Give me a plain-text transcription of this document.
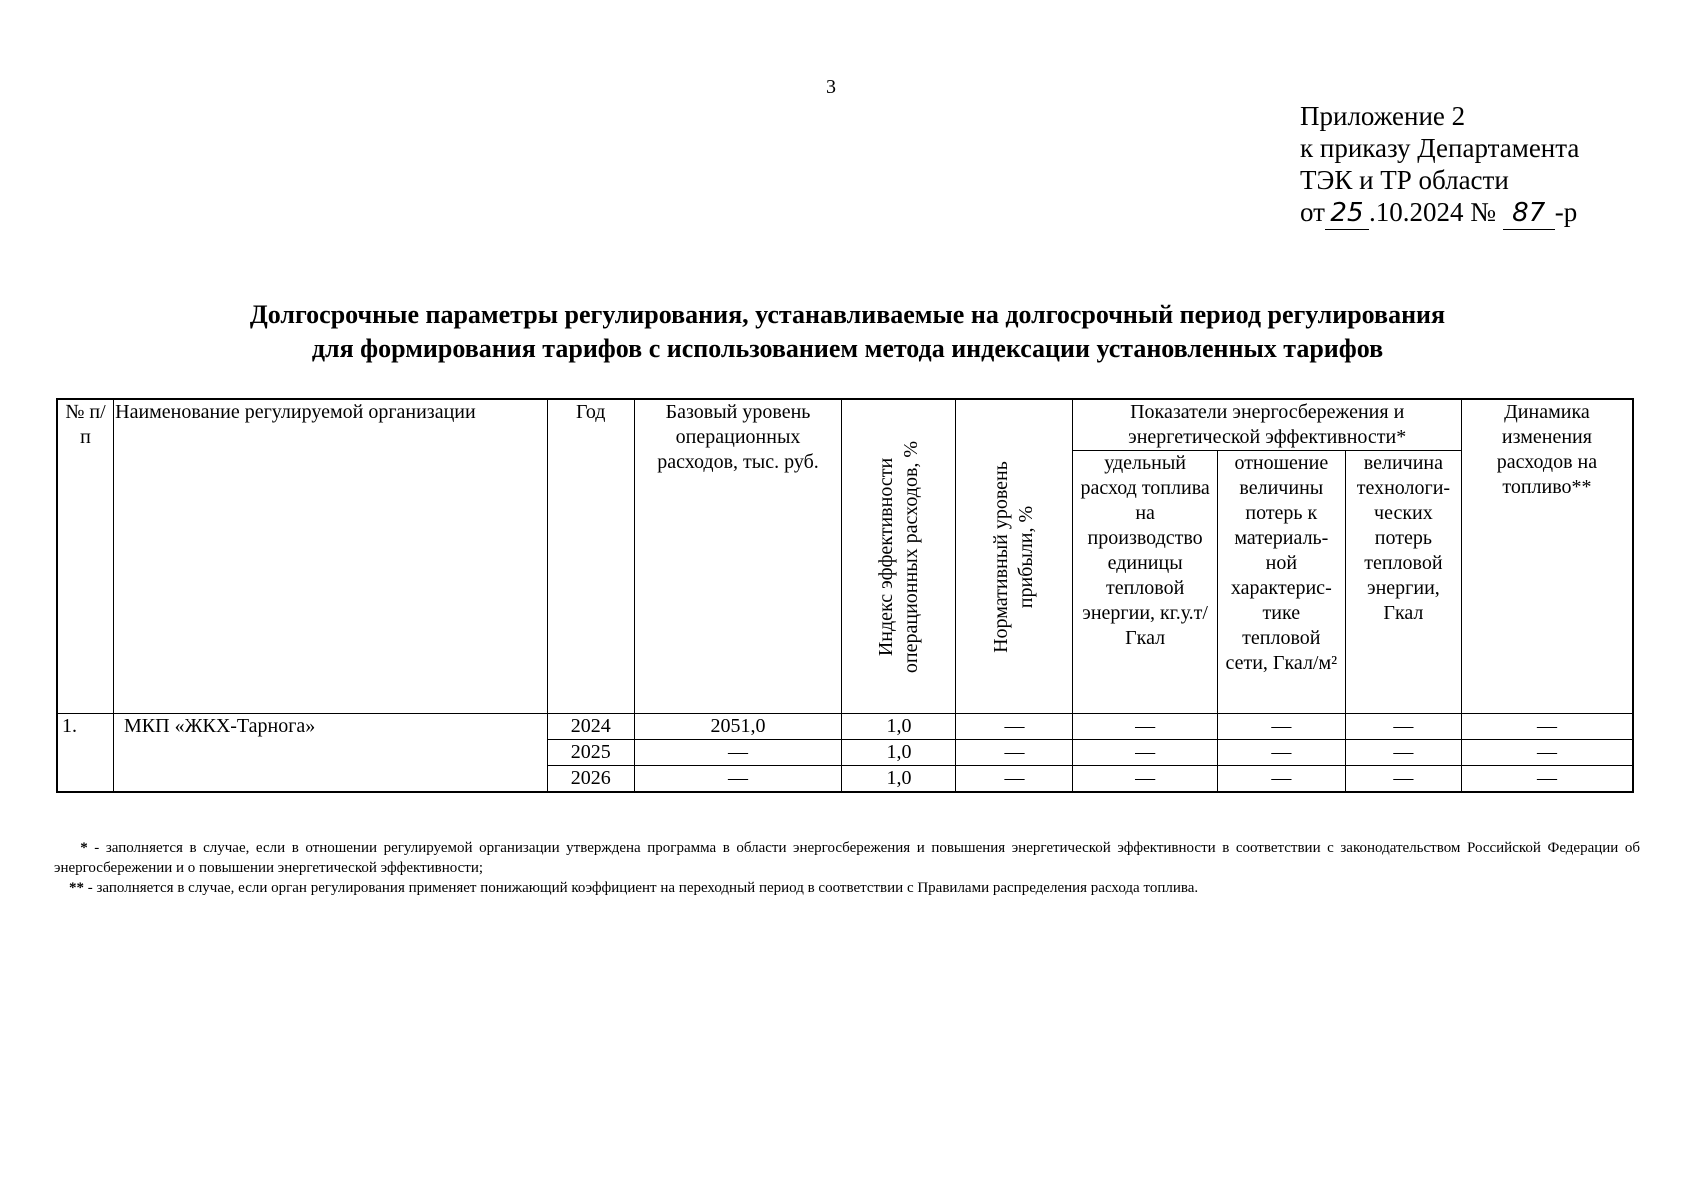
3
Приложение 2
к приказу Департамента
ТЭК и ТР области
от 25 .10.2024 № 87 -р
Долгосрочные параметры регулирования, устанавливаемые на долгосрочный период регулирования
для формирования тарифов с использованием метода индексации установленных тарифов
№ п/п	Наименование регулируемой организации	Год	Базовый уровень операционных расходов, тыс. руб.	Индекс эффективности операционных расходов, %	Нормативный уровень прибыли, %	Показатели энергосбережения и энергетической эффективности*			Динамика изменения расходов на топливо**
						удельный расход топлива на производство единицы тепловой энергии, кг.у.т/Гкал	отношение величины потерь к материаль-ной характерис-тике тепловой сети, Гкал/м²	величина технологи-ческих потерь тепловой энергии, Гкал	
1.	МКП «ЖКХ-Тарнога»	2024	2051,0	1,0	—	—	—	—	—
		2025	—	1,0	—	—	—	—	—
		2026	—	1,0	—	—	—	—	—

* - заполняется в случае, если в отношении регулируемой организации утверждена программа в области энергосбережения и повышения энергетической эффективности в соответствии с законодательством Российской Федерации об энергосбережении и о повышении энергетической эффективности;

** - заполняется в случае, если орган регулирования применяет понижающий коэффициент на переходный период в соответствии с Правилами распределения расхода топлива.
